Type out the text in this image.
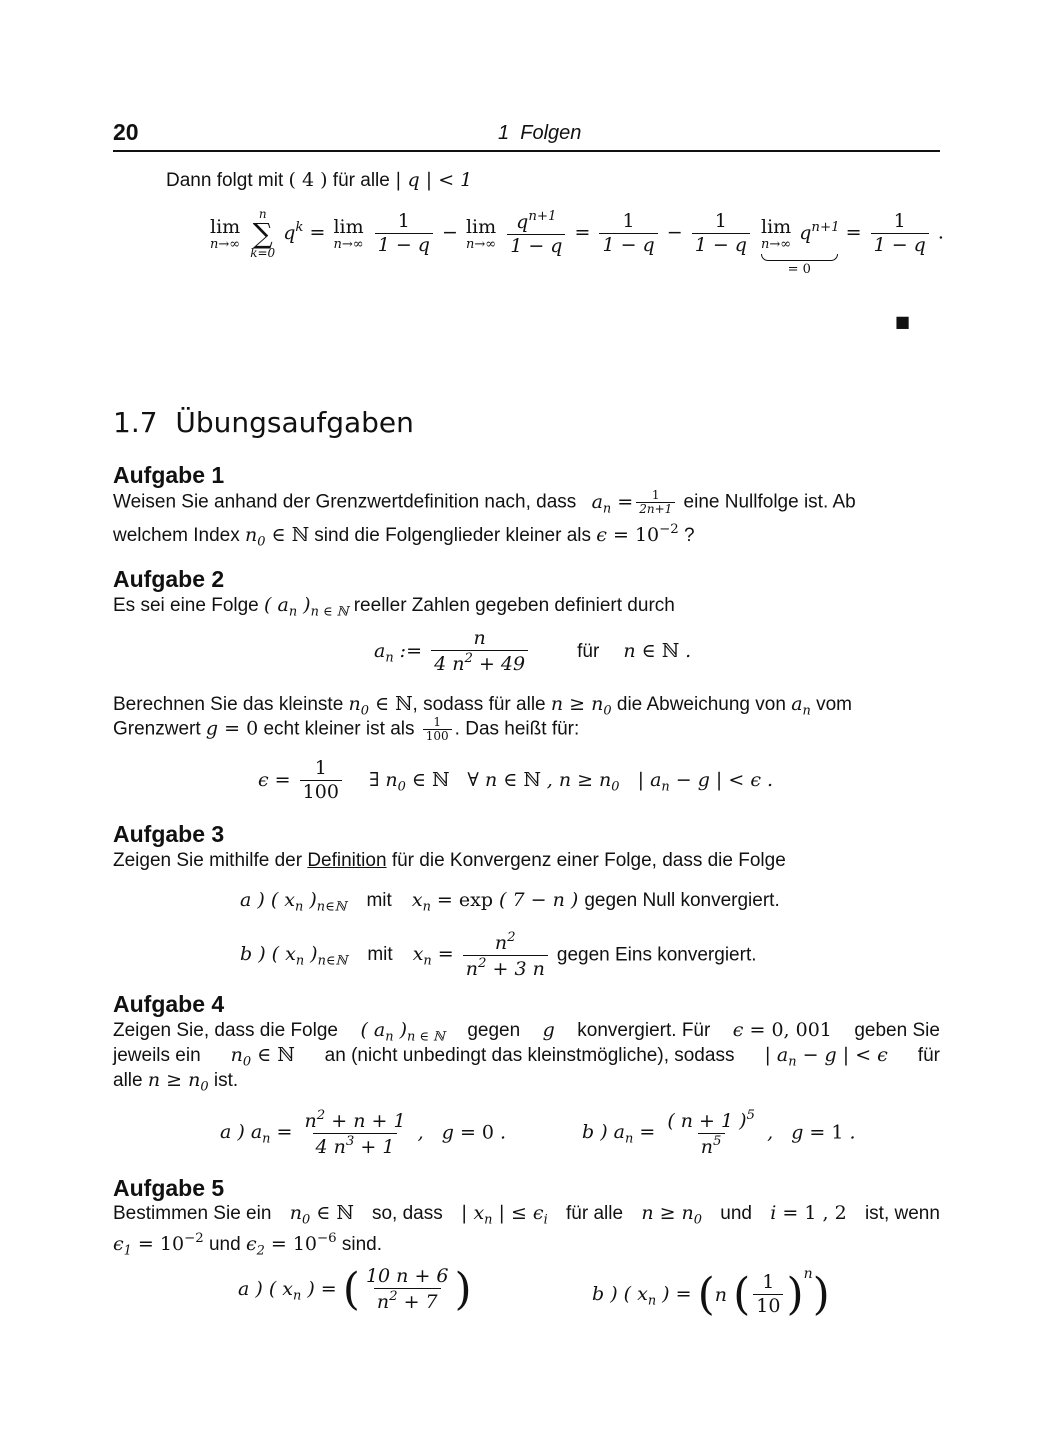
20	1  Folgen
Dann folgt mit ( 4 ) für alle | q | < 1
lim
n→∞

n
∑
k=0
$q^k = \lim$
n→∞
$\frac{1}{1 - q} - \lim$
n→∞
$\frac{q^{n+1}}{1 - q} = \frac{1}{1 - q} - \frac{1}{1 - q}$
lim
n→∞
$q^{n+1}$
= 0
= $\frac{1}{1 - q}$ .
■
1.7 Übungsaufgaben
Aufgabe 1
Weisen Sie anhand der Grenzwertdefinition nach, dass $a_n = \frac{1}{2n+1}$ eine Nullfolge ist. Ab
welchem Index $n_0$ ∈ ℕ sind die Folgenglieder kleiner als $\epsilon = 10^{-2}$ ?
Aufgabe 2
Es sei eine Folge ( $a_n$ )$_{n \in ℕ}$ reeller Zahlen gegeben definiert durch
$a_n$ := $\frac{n}{4 n^2 + 49}$	für n ∈ ℕ .
Berechnen Sie das kleinste $n_0$ ∈ ℕ, sodass für alle $n \ge n_0$ die Abweichung von $a_n$ vom
Grenzwert g = 0 echt kleiner ist als $\frac{1}{100}$ . Das heißt für:
$\epsilon = \frac{1}{100}$ ∃ $n_0$ ∈ ℕ   ∀ n ∈ ℕ , $n \ge n_0$   | $a_n - g$ | < ϵ .
Aufgabe 3
Zeigen Sie mithilfe der Definition für die Konvergenz einer Folge, dass die Folge
a ) ( $x_n$ )$_{n\in ℕ}$ mit $x_n = \exp$ ( 7 − n ) gegen Null konvergiert.
b ) ( $x_n$ )$_{n\in ℕ}$ mit $x_n = \frac{n^2}{n^2 + 3 n}$ gegen Eins konvergiert.
Aufgabe 4
Zeigen Sie, dass die Folge ( $a_n$ )$_{n \in ℕ}$ gegen g konvergiert. Für ϵ = 0, 001 geben Sie
jeweils ein $n_0$ ∈ ℕ an (nicht unbedingt das kleinstmögliche), sodass | $a_n - g$ | < ϵ für
alle $n \ge n_0$ ist.
a ) $a_n = \frac{n^2 + n + 1}{4 n^3 + 1}$ ,   g = 0 .	b ) $a_n = \frac{( n + 1 )^5}{n^5}$ ,   g = 1 .
Aufgabe 5
Bestimmen Sie ein $n_0$ ∈ ℕ so, dass | $x_n$ | ≤ $\epsilon_i$ für alle $n \ge n_0$ und i = 1 , 2 ist, wenn
$\epsilon_1 = 10^{-2}$ und $\epsilon_2 = 10^{-6}$ sind.
a ) ( $x_n$ ) = ( $\frac{10 n + 6}{n^2 + 7}$ )	b ) ( $x_n$ ) = (n ( $\frac{1}{10} )^n$)
